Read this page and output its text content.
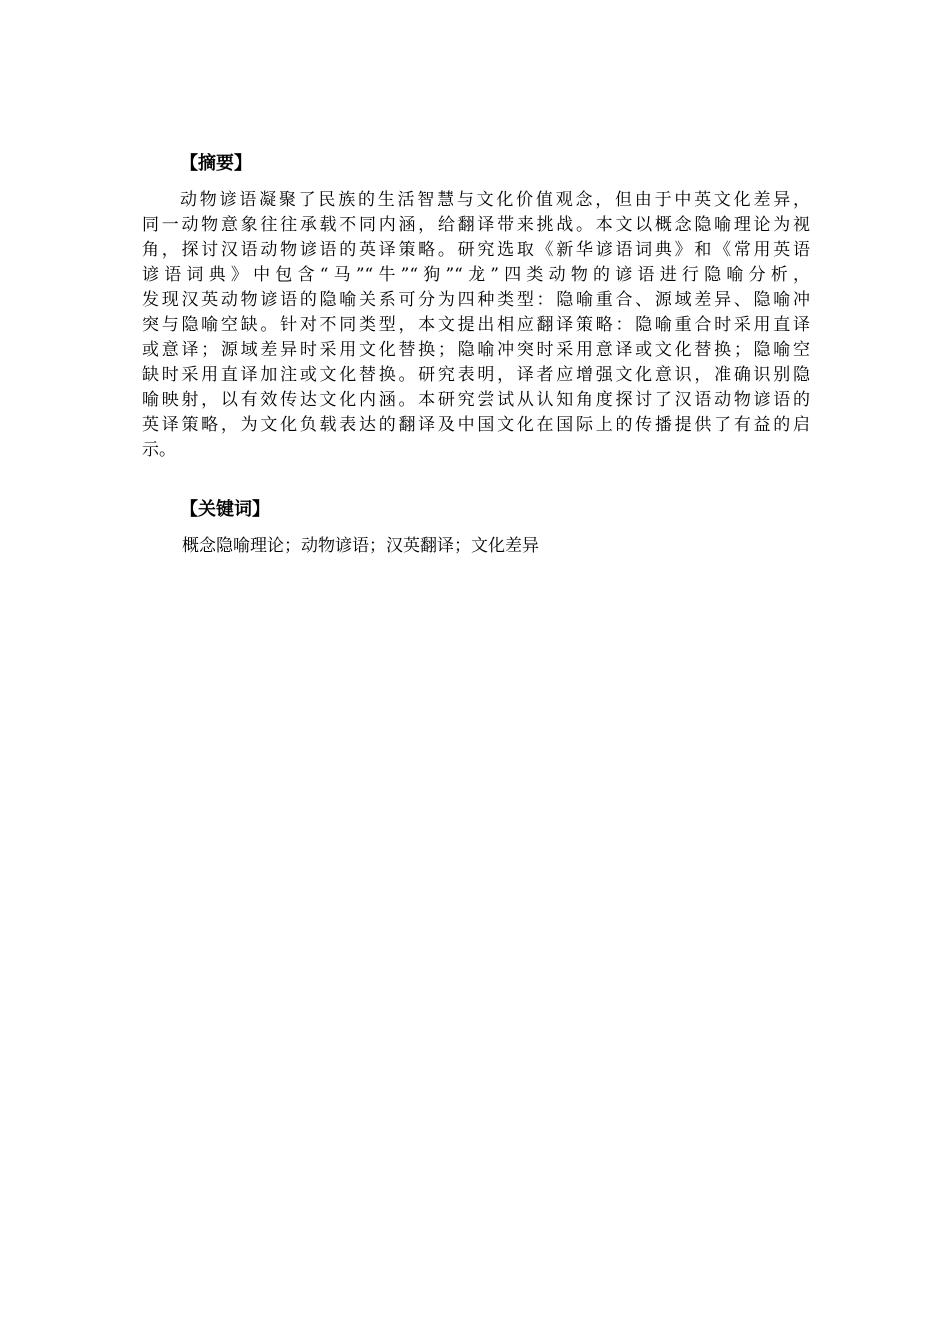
【摘要】
动物谚语凝聚了民族的生活智慧与文化价值观念，但由于中英文化差异，
同一动物意象往往承载不同内涵，给翻译带来挑战。本文以概念隐喻理论为视
角，探讨汉语动物谚语的英译策略。研究选取《新华谚语词典》和《常用英语
谚语词典》中包含“马”“牛”“狗”“龙”四类动物的谚语进行隐喻分析，
发现汉英动物谚语的隐喻关系可分为四种类型：隐喻重合、源域差异、隐喻冲
突与隐喻空缺。针对不同类型，本文提出相应翻译策略：隐喻重合时采用直译
或意译；源域差异时采用文化替换；隐喻冲突时采用意译或文化替换；隐喻空
缺时采用直译加注或文化替换。研究表明，译者应增强文化意识，准确识别隐
喻映射，以有效传达文化内涵。本研究尝试从认知角度探讨了汉语动物谚语的
英译策略，为文化负载表达的翻译及中国文化在国际上的传播提供了有益的启
示。
【关键词】
概念隐喻理论；动物谚语；汉英翻译；文化差异
